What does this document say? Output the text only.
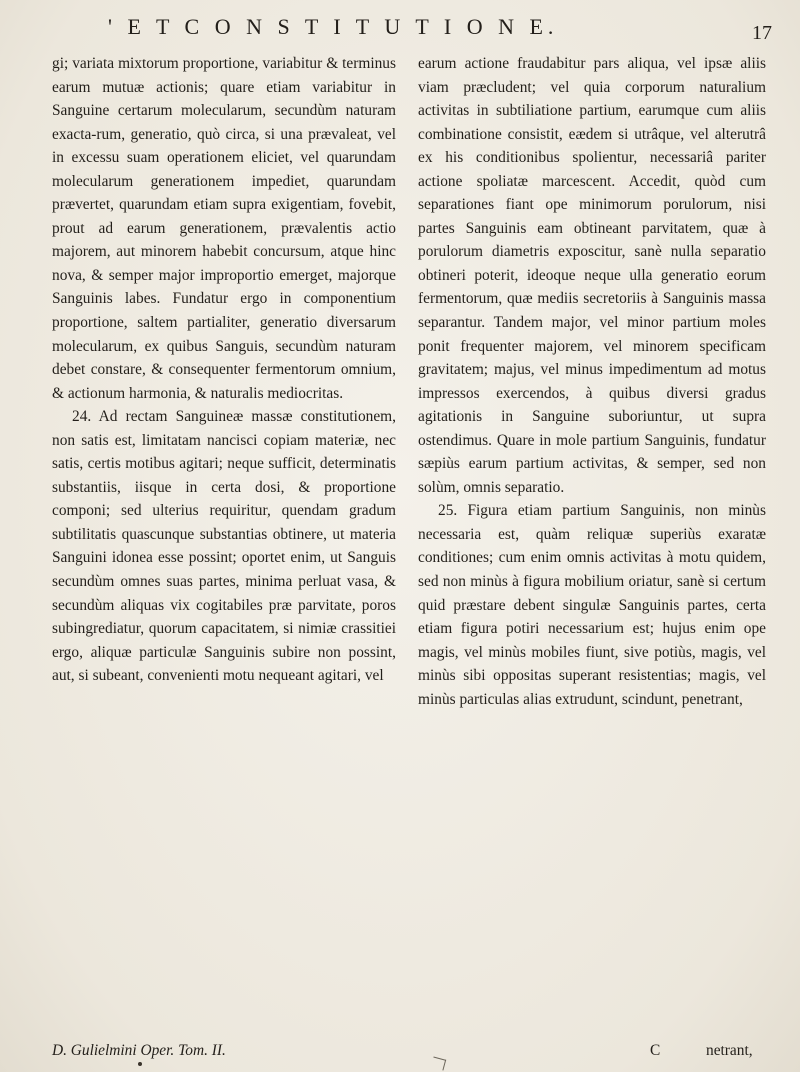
' E T C O N S T I T U T I O N E.	17

gi; variata mixtorum proportione, variabitur & terminus earum mutuæ actionis; quare etiam variabitur in Sanguine certarum molecularum, secundùm naturam exacta-rum, generatio, quò circa, si una prævaleat, vel in excessu suam operationem eliciet, vel quarundam molecularum generationem impediet, quarundam prævertet, quarundam etiam supra exigentiam, fovebit, prout ad earum generationem, prævalentis actio majorem, aut minorem habebit concursum, atque hinc nova, & semper major improportio emerget, majorque Sanguinis labes. Fundatur ergo in componentium proportione, saltem partialiter, generatio diversarum molecularum, ex quibus Sanguis, secundùm naturam debet constare, & consequenter fermentorum omnium, & actionum harmonia, & naturalis mediocritas.

24. Ad rectam Sanguineæ massæ constitutionem, non satis est, limitatam nancisci copiam materiæ, nec satis, certis motibus agitari; neque sufficit, determinatis substantiis, iisque in certa dosi, & proportione componi; sed ulterius requiritur, quendam gradum subtilitatis quascunque substantias obtinere, ut materia Sanguini idonea esse possint; oportet enim, ut Sanguis secundùm omnes suas partes, minima perluat vasa, & secundùm aliquas vix cogitabiles præ parvitate, poros subingrediatur, quorum capacitatem, si nimiæ crassitiei ergo, aliquæ particulæ Sanguinis subire non possint, aut, si subeant, convenienti motu nequeant agitari, vel

earum actione fraudabitur pars aliqua, vel ipsæ aliis viam præcludent; vel quia corporum naturalium activitas in subtiliatione partium, earumque cum aliis combinatione consistit, eædem si utrâque, vel alterutrâ ex his conditionibus spolientur, necessariâ pariter actione spoliatæ marcescent. Accedit, quòd cum separationes fiant ope minimorum porulorum, nisi partes Sanguinis eam obtineant parvitatem, quæ à porulorum diametris exposcitur, sanè nulla separatio obtineri poterit, ideoque neque ulla generatio eorum fermentorum, quæ mediis secretoriis à Sanguinis massa separantur. Tandem major, vel minor partium moles ponit frequenter majorem, vel minorem specificam gravitatem; majus, vel minus impedimentum ad motus impressos exercendos, à quibus diversi gradus agitationis in Sanguine suboriuntur, ut supra ostendimus. Quare in mole partium Sanguinis, fundatur sæpiùs earum partium activitas, & semper, sed non solùm, omnis separatio.

25. Figura etiam partium Sanguinis, non minùs necessaria est, quàm reliquæ superiùs exaratæ conditiones; cum enim omnis activitas à motu quidem, sed non minùs à figura mobilium oriatur, sanè si certum quid præstare debent singulæ Sanguinis partes, certa etiam figura potiri necessarium est; hujus enim ope magis, vel minùs mobiles fiunt, sive potiùs, magis, vel minùs sibi oppositas superant resistentias; magis, vel minùs particulas alias extrudunt, scindunt, penetrant,

D. Gulielmini Oper. Tom. II.	C	netrant,
